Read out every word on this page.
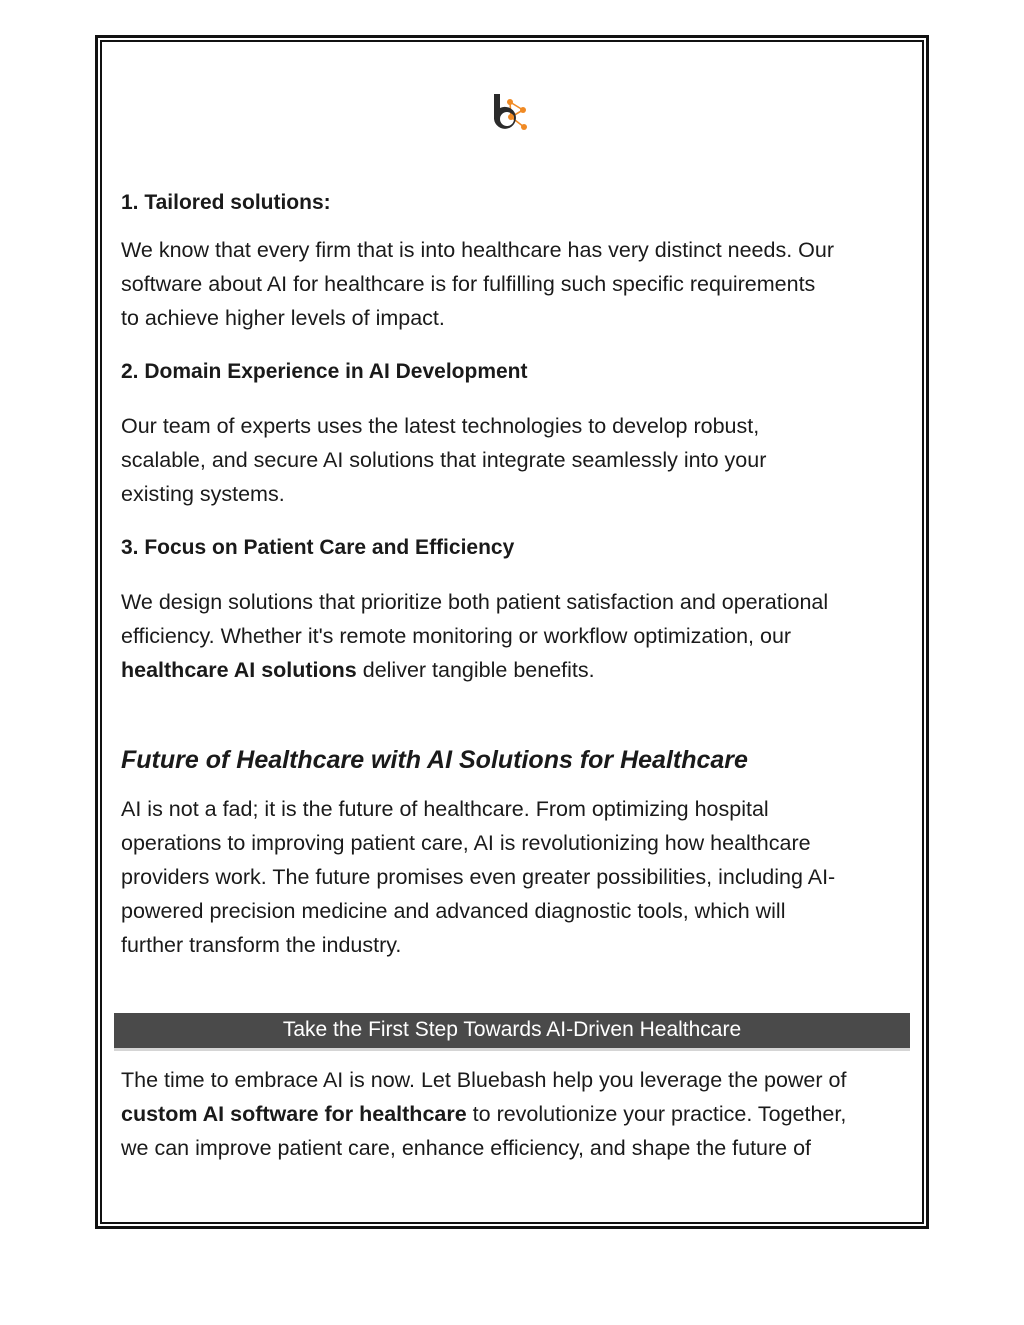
1. Tailored solutions:
We know that every firm that is into healthcare has very distinct needs. Our
software about AI for healthcare is for fulfilling such specific requirements
to achieve higher levels of impact.
2. Domain Experience in AI Development
Our team of experts uses the latest technologies to develop robust,
scalable, and secure AI solutions that integrate seamlessly into your
existing systems.
3. Focus on Patient Care and Efficiency
We design solutions that prioritize both patient satisfaction and operational
efficiency. Whether it's remote monitoring or workflow optimization, our
healthcare AI solutions deliver tangible benefits.
Future of Healthcare with AI Solutions for Healthcare
AI is not a fad; it is the future of healthcare. From optimizing hospital
operations to improving patient care, AI is revolutionizing how healthcare
providers work. The future promises even greater possibilities, including AI-
powered precision medicine and advanced diagnostic tools, which will
further transform the industry.
The time to embrace AI is now. Let Bluebash help you leverage the power of
custom AI software for healthcare to revolutionize your practice. Together,
we can improve patient care, enhance efficiency, and shape the future of
Take the First Step Towards AI-Driven Healthcare
